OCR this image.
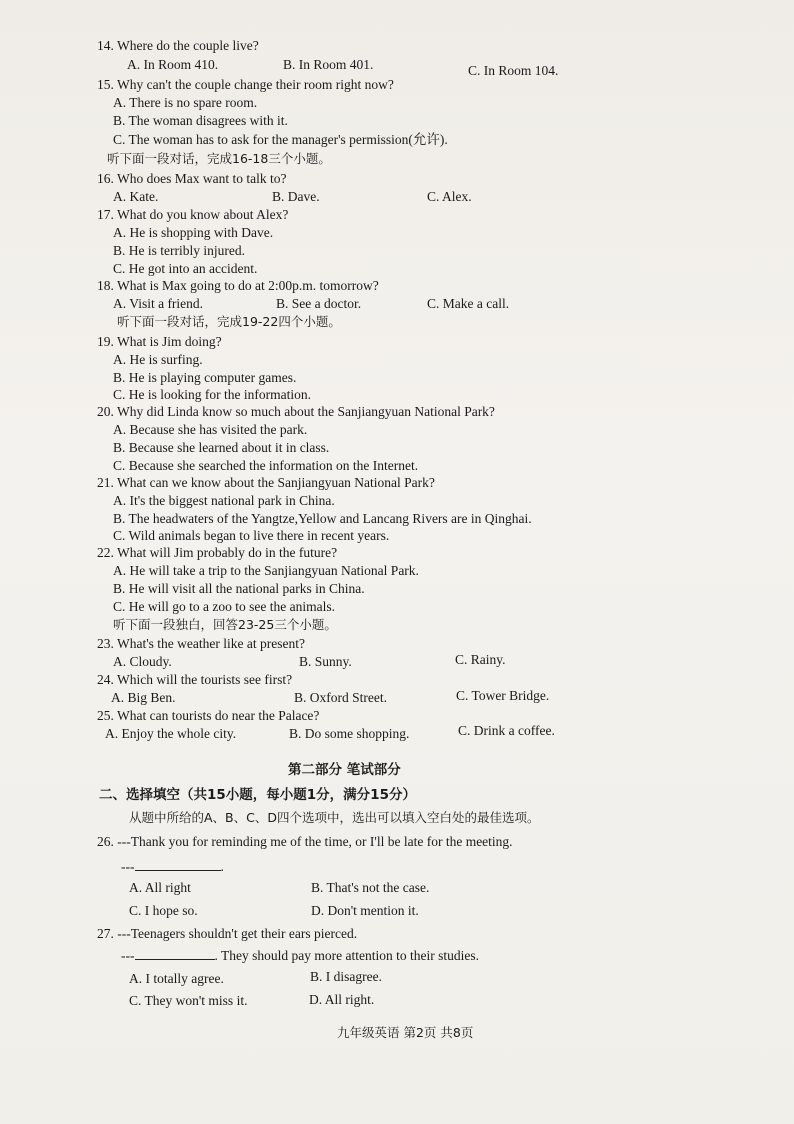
14. Where do the couple live?
A. In Room 410.	B. In Room 401.	C. In Room 104.
15. Why can't the couple change their room right now?
A. There is no spare room.
B. The woman disagrees with it.
C. The woman has to ask for the manager's permission(允许).
听下面一段对话，完成16-18三个小题。
16. Who does Max want to talk to?
A. Kate.	B. Dave.	C. Alex.
17. What do you know about Alex?
A. He is shopping with Dave.
B. He is terribly injured.
C. He got into an accident.
18. What is Max going to do at 2:00p.m. tomorrow?
A. Visit a friend.	B. See a doctor.	C. Make a call.
听下面一段对话，完成19-22四个小题。
19. What is Jim doing?
A. He is surfing.
B. He is playing computer games.
C. He is looking for the information.
20. Why did Linda know so much about the Sanjiangyuan National Park?
A. Because she has visited the park.
B. Because she learned about it in class.
C. Because she searched the information on the Internet.
21. What can we know about the Sanjiangyuan National Park?
A. It's the biggest national park in China.
B. The headwaters of the Yangtze,Yellow and Lancang Rivers are in Qinghai.
C. Wild animals began to live there in recent years.
22. What will Jim probably do in the future?
A. He will take a trip to the Sanjiangyuan National Park.
B. He will visit all the national parks in China.
C. He will go to a zoo to see the animals.
听下面一段独白，回答23-25三个小题。
23. What's the weather like at present?
A. Cloudy.	B. Sunny.	C. Rainy.
24. Which will the tourists see first?
A. Big Ben.	B. Oxford Street.	C. Tower Bridge.
25. What can tourists do near the Palace?
A. Enjoy the whole city.	B. Do some shopping.	C. Drink a coffee.
第二部分 笔试部分
二、选择填空（共15小题，每小题1分，满分15分）
从题中所给的A、B、C、D四个选项中，选出可以填入空白处的最佳选项。
26. ---Thank you for reminding me of the time, or I'll be late for the meeting.
---	.
A. All right	B. That's not the case.
C. I hope so.	D. Don't mention it.
27. ---Teenagers shouldn't get their ears pierced.
---	. They should pay more attention to their studies.
A. I totally agree.	B. I disagree.
C. They won't miss it.	D. All right.
九年级英语 第2页 共8页
